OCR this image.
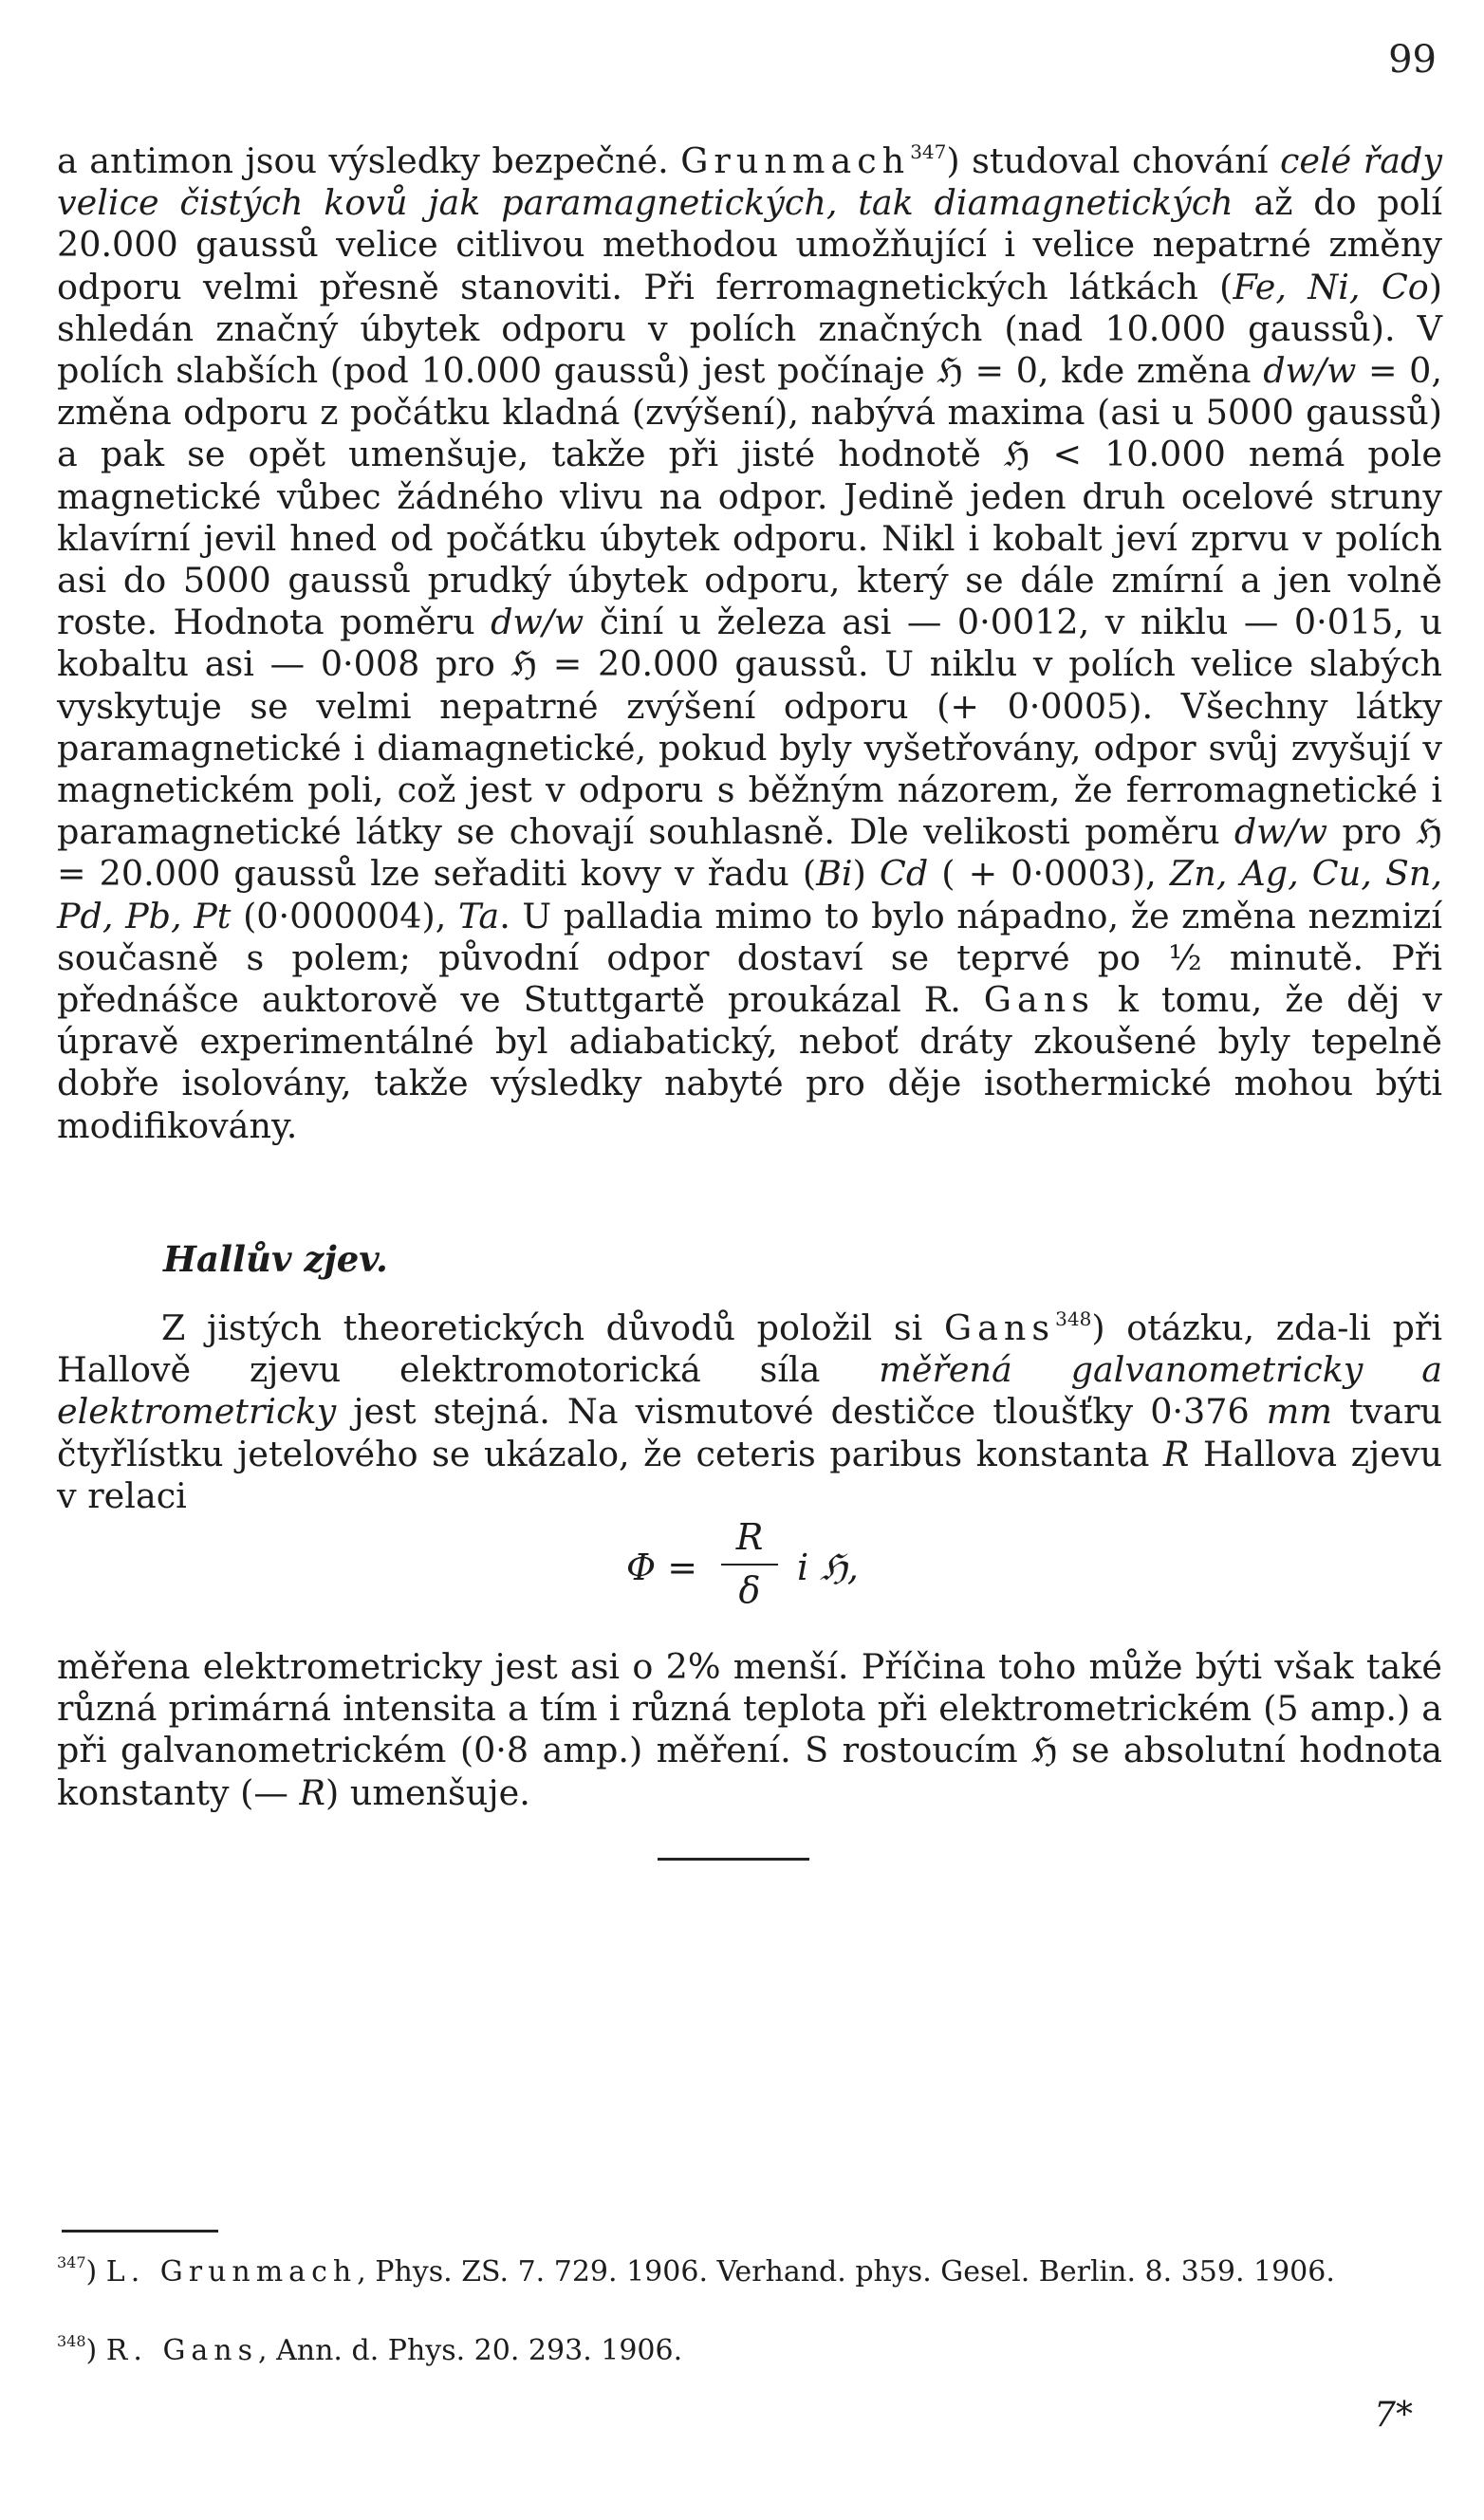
99

a antimon jsou výsledky bezpečné. Grunmach$^{347}$) studoval chování celé řady velice čistých kovů jak paramagnetických, tak diamagnetických až do polí 20.000 gaussů velice citlivou methodou umožňující i velice nepatrné změny odporu velmi přesně stanoviti. Při ferromagnetických látkách (Fe, Ni, Co) shledán značný úbytek odporu v polích značných (nad 10.000 gaussů). V polích slabších (pod 10.000 gaussů) jest počínaje ℌ = 0, kde změna dw/w = 0, změna odporu z počátku kladná (zvýšení), nabývá maxima (asi u 5000 gaussů) a pak se opět umenšuje, takže při jisté hodnotě ℌ < 10.000 nemá pole magnetické vůbec žádného vlivu na odpor. Jedině jeden druh ocelové struny klavírní jevil hned od počátku úbytek odporu. Nikl i kobalt jeví zprvu v polích asi do 5000 gaussů prudký úbytek odporu, který se dále zmírní a jen volně roste. Hodnota poměru dw/w činí u železa asi — 0·0012, v niklu — 0·015, u kobaltu asi — 0·008 pro ℌ = 20.000 gaussů. U niklu v polích velice slabých vyskytuje se velmi nepatrné zvýšení odporu (+ 0·0005). Všechny látky paramagnetické i diamagnetické, pokud byly vyšetřovány, odpor svůj zvyšují v magnetickém poli, což jest v odporu s běžným názorem, že ferromagnetické i paramagnetické látky se chovají souhlasně. Dle velikosti poměru dw/w pro ℌ = 20.000 gaussů lze seřaditi kovy v řadu (Bi) Cd ( + 0·0003), Zn, Ag, Cu, Sn, Pd, Pb, Pt (0·000004), Ta. U palladia mimo to bylo nápadno, že změna nezmizí současně s polem; původní odpor dostaví se teprvé po ½ minutě. Při přednášce auktorově ve Stuttgartě proukázal R. Gans k tomu, že děj v úpravě experimentálné byl adiabatický, neboť dráty zkoušené byly tepelně dobře isolovány, takže výsledky nabyté pro děje isothermické mohou býti modifikovány.

Hallův zjev.

Z jistých theoretických důvodů položil si Gans$^{348}$) otázku, zda-li při Hallově zjevu elektromotorická síla měřená galvanometricky a elektrometricky jest stejná. Na vismutové destičce tloušťky 0·376 mm tvaru čtyřlístku jetelového se ukázalo, že ceteris paribus konstanta R Hallova zjevu v relaci

Φ =
R
δ
i ℌ,

měřena elektrometricky jest asi o 2% menší. Příčina toho může býti však také různá primárná intensita a tím i různá teplota při elektrometrickém (5 amp.) a při galvanometrickém (0·8 amp.) měření. S rostoucím ℌ se absolutní hodnota konstanty (— R) umenšuje.

$^{347}$) L. Grunmach, Phys. ZS. 7. 729. 1906. Verhand. phys. Gesel. Berlin. 8. 359. 1906.

$^{348}$) R. Gans, Ann. d. Phys. 20. 293. 1906.

7*
